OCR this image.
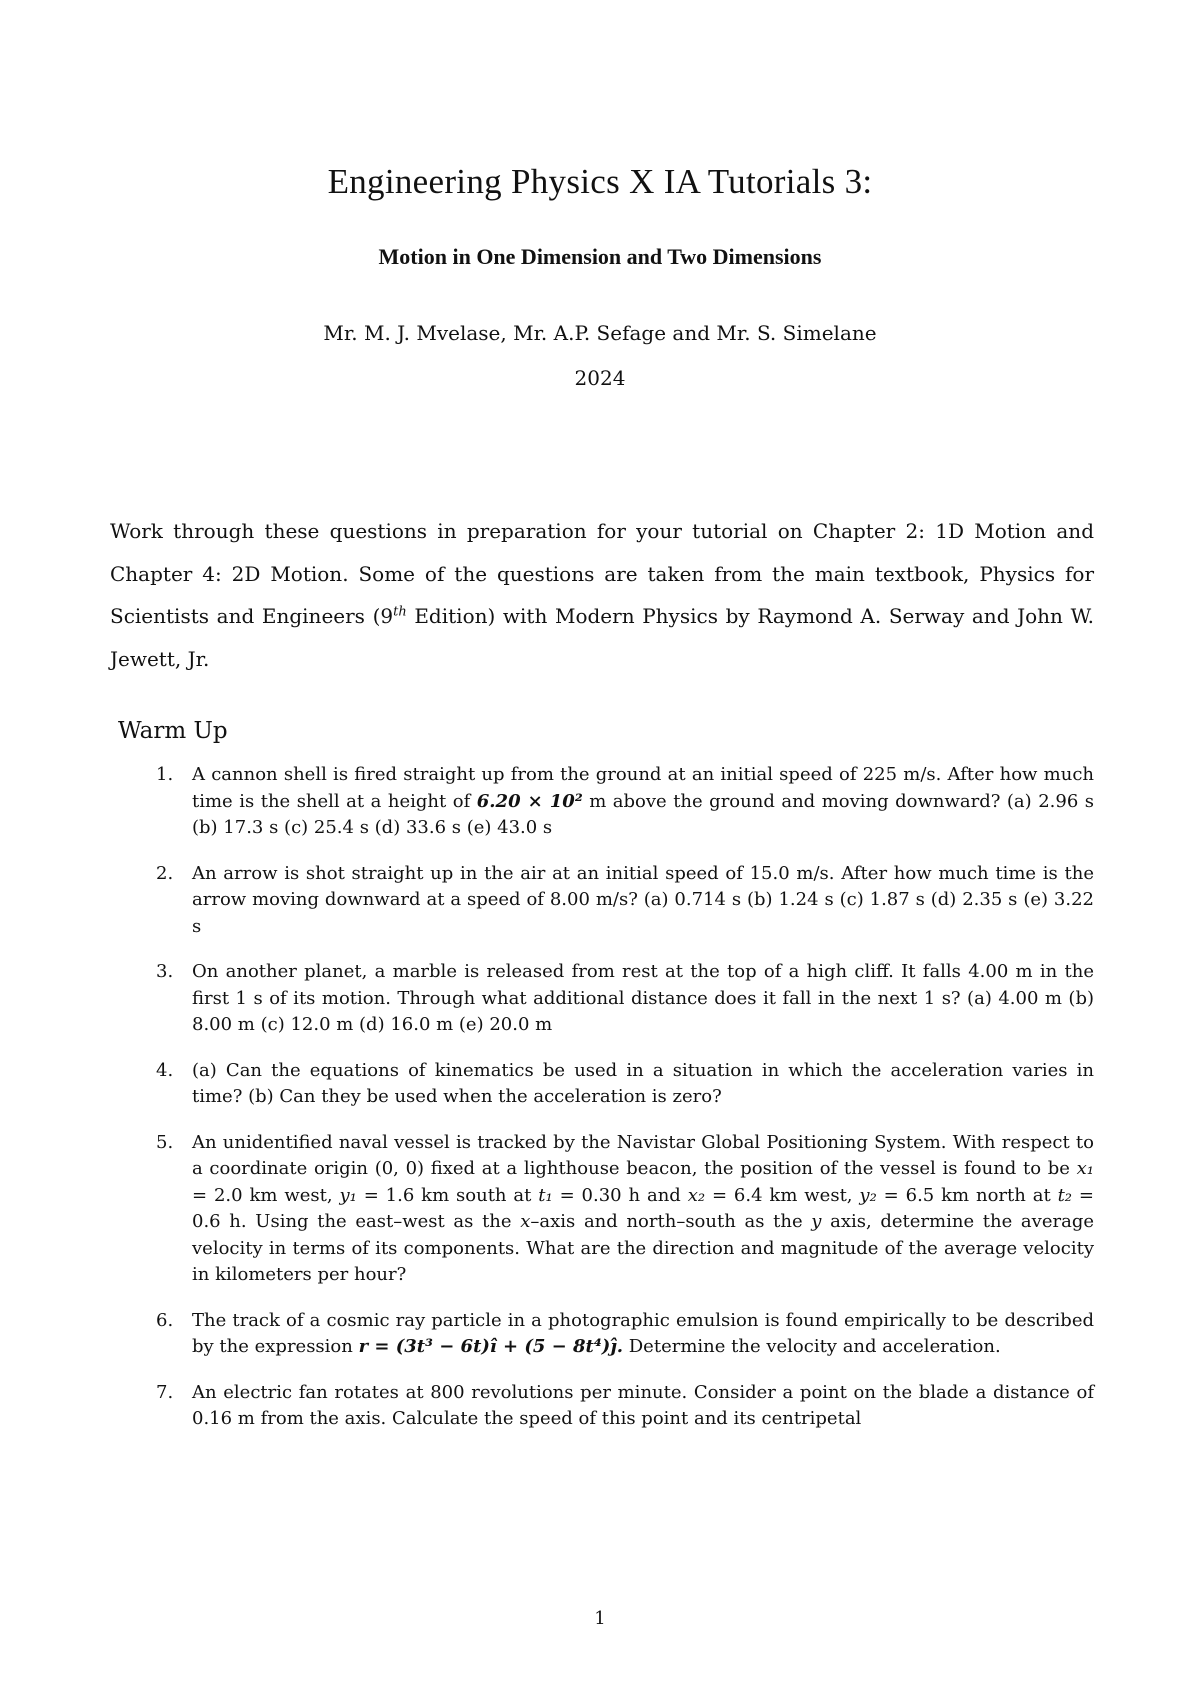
Engineering Physics X IA Tutorials 3:
Motion in One Dimension and Two Dimensions
Mr. M. J. Mvelase, Mr. A.P. Sefage and Mr. S. Simelane
2024

Work through these questions in preparation for your tutorial on Chapter 2: 1D Motion and Chapter 4: 2D Motion. Some of the questions are taken from the main textbook, Physics for Scientists and Engineers (9th Edition) with Modern Physics by Raymond A. Serway and John W. Jewett, Jr.

Warm Up
1. A cannon shell is fired straight up from the ground at an initial speed of 225 m/s. After how much time is the shell at a height of 6.20 × 10² m above the ground and moving downward? (a) 2.96 s (b) 17.3 s (c) 25.4 s (d) 33.6 s (e) 43.0 s
2. An arrow is shot straight up in the air at an initial speed of 15.0 m/s. After how much time is the arrow moving downward at a speed of 8.00 m/s? (a) 0.714 s (b) 1.24 s (c) 1.87 s (d) 2.35 s (e) 3.22 s
3. On another planet, a marble is released from rest at the top of a high cliff. It falls 4.00 m in the first 1 s of its motion. Through what additional distance does it fall in the next 1 s? (a) 4.00 m (b) 8.00 m (c) 12.0 m (d) 16.0 m (e) 20.0 m
4. (a) Can the equations of kinematics be used in a situation in which the acceleration varies in time? (b) Can they be used when the acceleration is zero?
5. An unidentified naval vessel is tracked by the Navistar Global Positioning System. With respect to a coordinate origin (0, 0) fixed at a lighthouse beacon, the position of the vessel is found to be x₁ = 2.0 km west, y₁ = 1.6 km south at t₁ = 0.30 h and x₂ = 6.4 km west, y₂ = 6.5 km north at t₂ = 0.6 h. Using the east–west as the x–axis and north–south as the y axis, determine the average velocity in terms of its components. What are the direction and magnitude of the average velocity in kilometers per hour?
6. The track of a cosmic ray particle in a photographic emulsion is found empirically to be described by the expression r = (3t³ − 6t)î + (5 − 8t⁴)ĵ. Determine the velocity and acceleration.
7. An electric fan rotates at 800 revolutions per minute. Consider a point on the blade a distance of 0.16 m from the axis. Calculate the speed of this point and its centripetal
1
